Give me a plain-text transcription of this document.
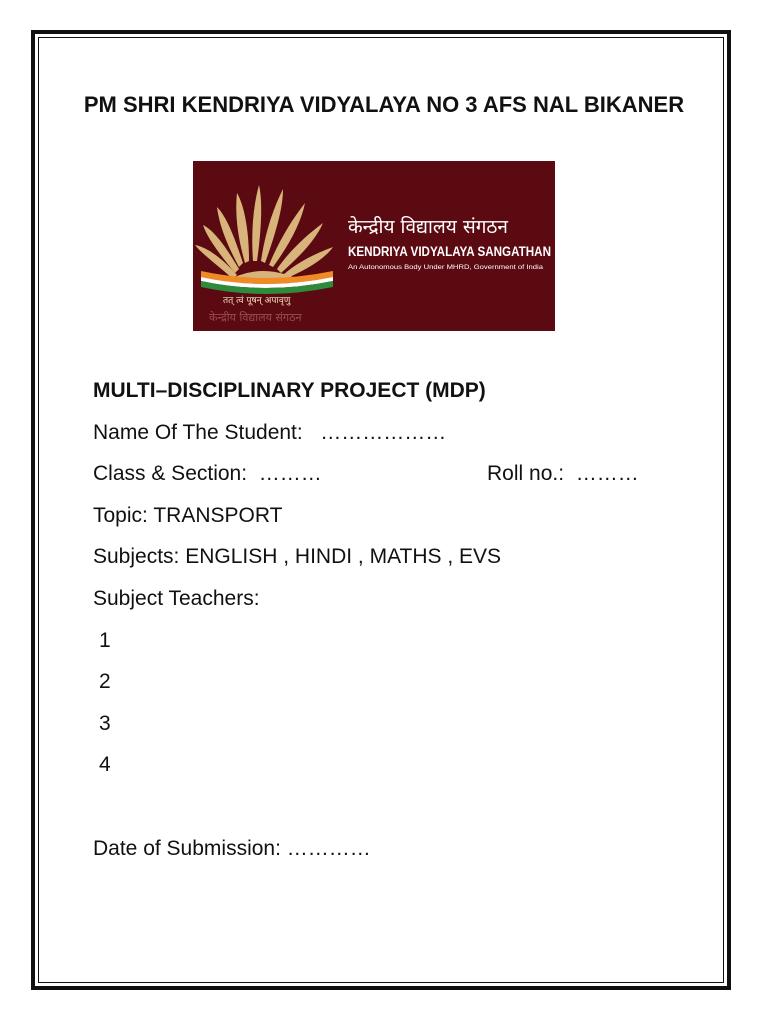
PM SHRI KENDRIYA VIDYALAYA NO 3 AFS NAL BIKANER
तत् त्वं पूषन् अपावृणु
केन्द्रीय विद्यालय संगठन
केन्द्रीय विद्यालय संगठन
KENDRIYA VIDYALAYA SANGATHAN
An Autonomous Body Under MHRD, Government of India
MULTI–DISCIPLINARY PROJECT (MDP)
Name Of The Student: ………………
Class & Section: ………	Roll no.: ………
Topic: TRANSPORT
Subjects: ENGLISH , HINDI , MATHS , EVS
Subject Teachers:
1
2
3
4
Date of Submission: …………
